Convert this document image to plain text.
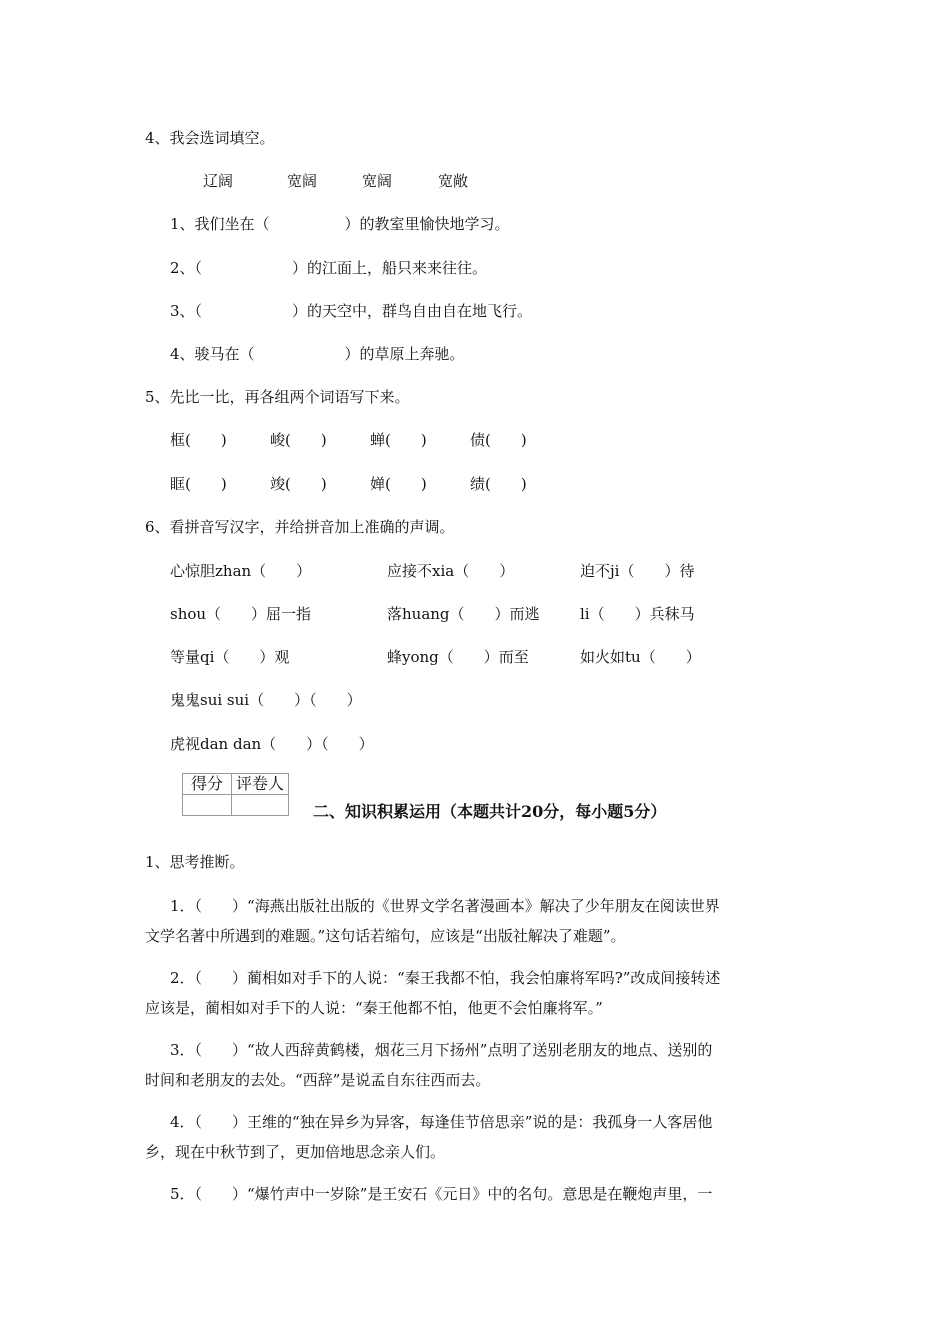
4、我会选词填空。
辽阔	宽阔	宽阔	宽敞
1、我们坐在（　　　　　）的教室里愉快地学习。
2、（　　　　　　）的江面上，船只来来往往。
3、（　　　　　　）的天空中，群鸟自由自在地飞行。
4、骏马在（　　　　　　）的草原上奔驰。
5、先比一比，再各组两个词语写下来。
框(　　)	峻(　　)	蝉(　　)	债(　　)
眶(　　)	竣(　　)	婵(　　)	绩(　　)
6、看拼音写汉字，并给拼音加上准确的声调。
心惊胆zhan（　　）	应接不xia（　　）	迫不ji（　　）待
shou（　　）屈一指	落huang（　　）而逃	li（　　）兵秣马
等量qi（　　）观	蜂yong（　　）而至	如火如tu（　　）
鬼鬼sui sui（　　）（　　）
虎视dan dan（　　）（　　）
得分	评卷人

二、知识积累运用（本题共计20分，每小题5分）
1、思考推断。
1．（　　）“海燕出版社出版的《世界文学名著漫画本》解决了少年朋友在阅读世界
文学名著中所遇到的难题。”这句话若缩句，应该是“出版社解决了难题”。
2．（　　）蔺相如对手下的人说：“秦王我都不怕，我会怕廉将军吗?”改成间接转述
应该是，蔺相如对手下的人说：“秦王他都不怕，他更不会怕廉将军。”
3．（　　）“故人西辞黄鹤楼，烟花三月下扬州”点明了送别老朋友的地点、送别的
时间和老朋友的去处。“西辞”是说孟自东往西而去。
4．（　　）王维的“独在异乡为异客，每逢佳节倍思亲”说的是：我孤身一人客居他
乡，现在中秋节到了，更加倍地思念亲人们。
5．（　　）“爆竹声中一岁除”是王安石《元日》中的名句。意思是在鞭炮声里，一
